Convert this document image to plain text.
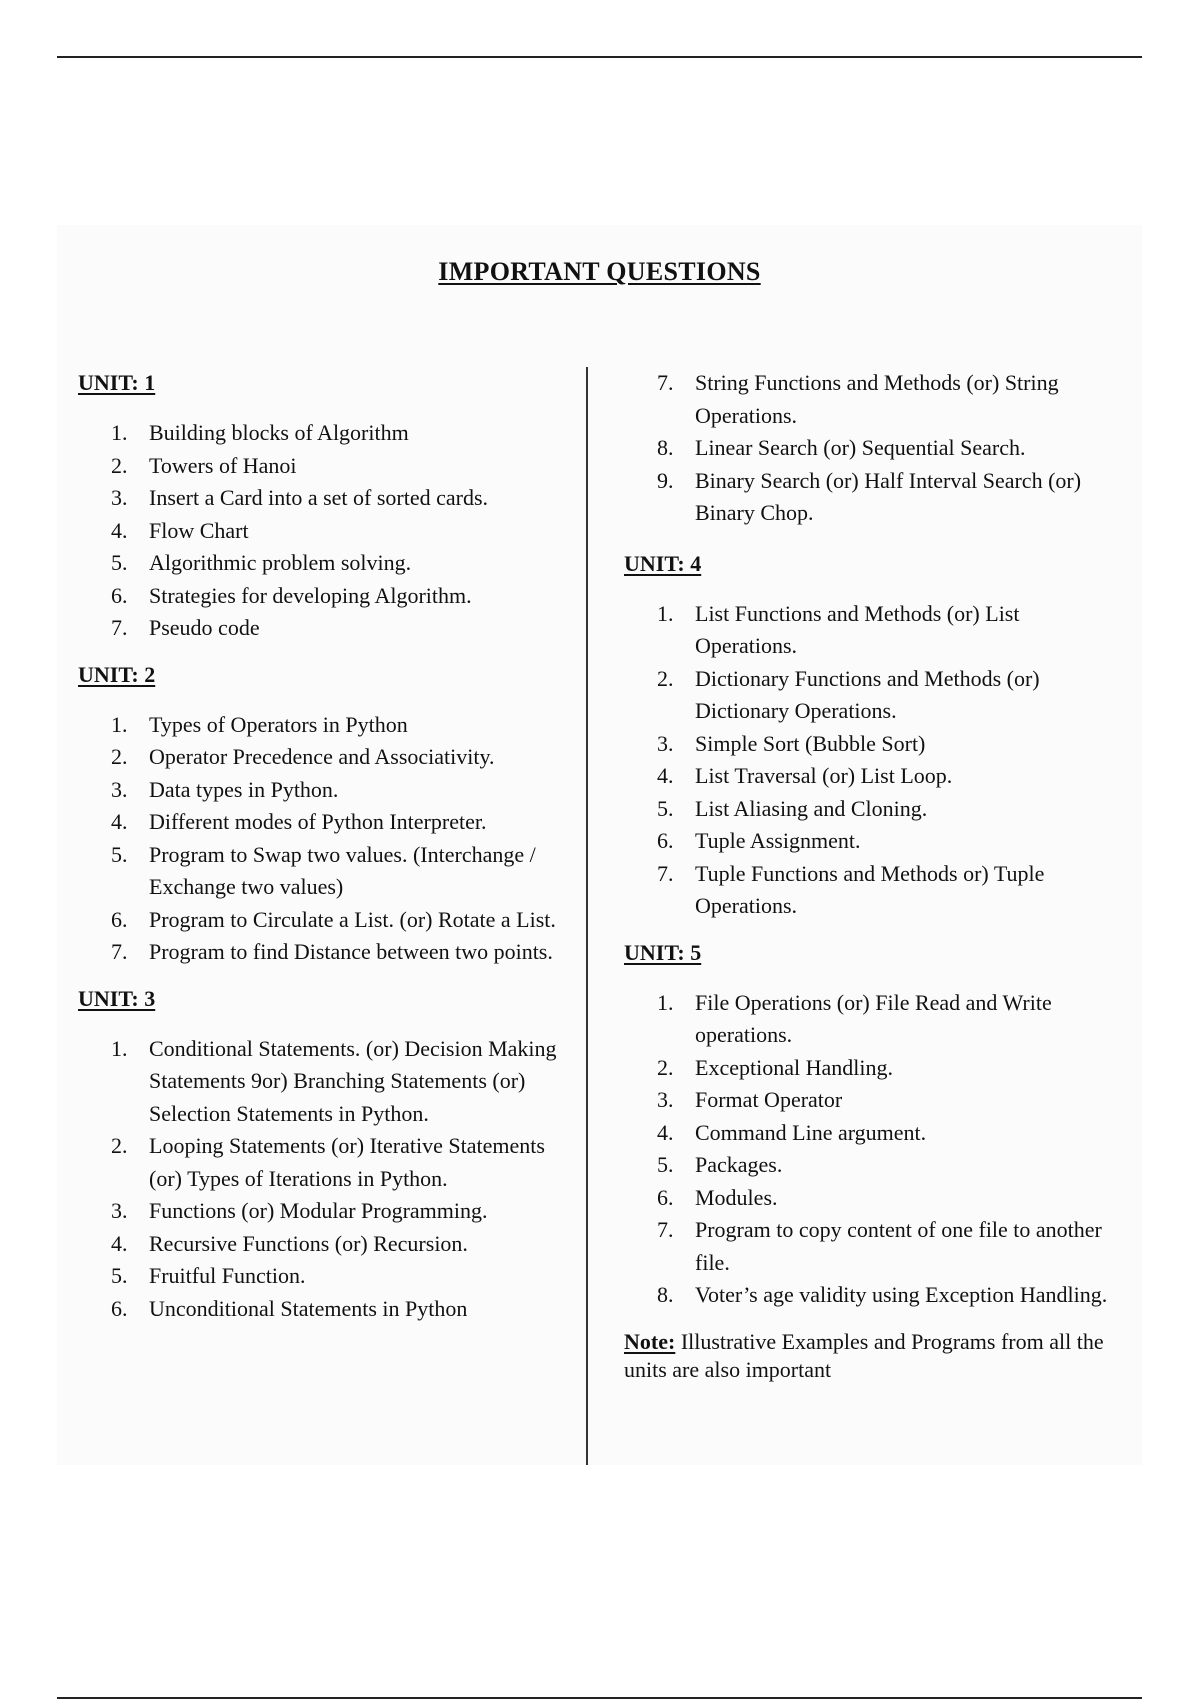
IMPORTANT QUESTIONS
UNIT: 1
1. Building blocks of Algorithm
2. Towers of Hanoi
3. Insert a Card into a set of sorted cards.
4. Flow Chart
5. Algorithmic problem solving.
6. Strategies for developing Algorithm.
7. Pseudo code
UNIT: 2
1. Types of Operators in Python
2. Operator Precedence and Associativity.
3. Data types in Python.
4. Different modes of Python Interpreter.
5. Program to Swap two values. (Interchange / Exchange two values)
6. Program to Circulate a List. (or) Rotate a List.
7. Program to find Distance between two points.
UNIT: 3
1. Conditional Statements. (or) Decision Making Statements 9or) Branching Statements (or) Selection Statements in Python.
2. Looping Statements (or) Iterative Statements (or) Types of Iterations in Python.
3. Functions (or) Modular Programming.
4. Recursive Functions (or) Recursion.
5. Fruitful Function.
6. Unconditional Statements in Python
7. String Functions and Methods (or) String Operations.
8. Linear Search (or) Sequential Search.
9. Binary Search (or) Half Interval Search (or) Binary Chop.
UNIT: 4
1. List Functions and Methods (or) List Operations.
2. Dictionary Functions and Methods (or) Dictionary Operations.
3. Simple Sort (Bubble Sort)
4. List Traversal (or) List Loop.
5. List Aliasing and Cloning.
6. Tuple Assignment.
7. Tuple Functions and Methods or) Tuple Operations.
UNIT: 5
1. File Operations (or) File Read and Write operations.
2. Exceptional Handling.
3. Format Operator
4. Command Line argument.
5. Packages.
6. Modules.
7. Program to copy content of one file to another file.
8. Voter’s age validity using Exception Handling.
Note: Illustrative Examples and Programs from all the units are also important
